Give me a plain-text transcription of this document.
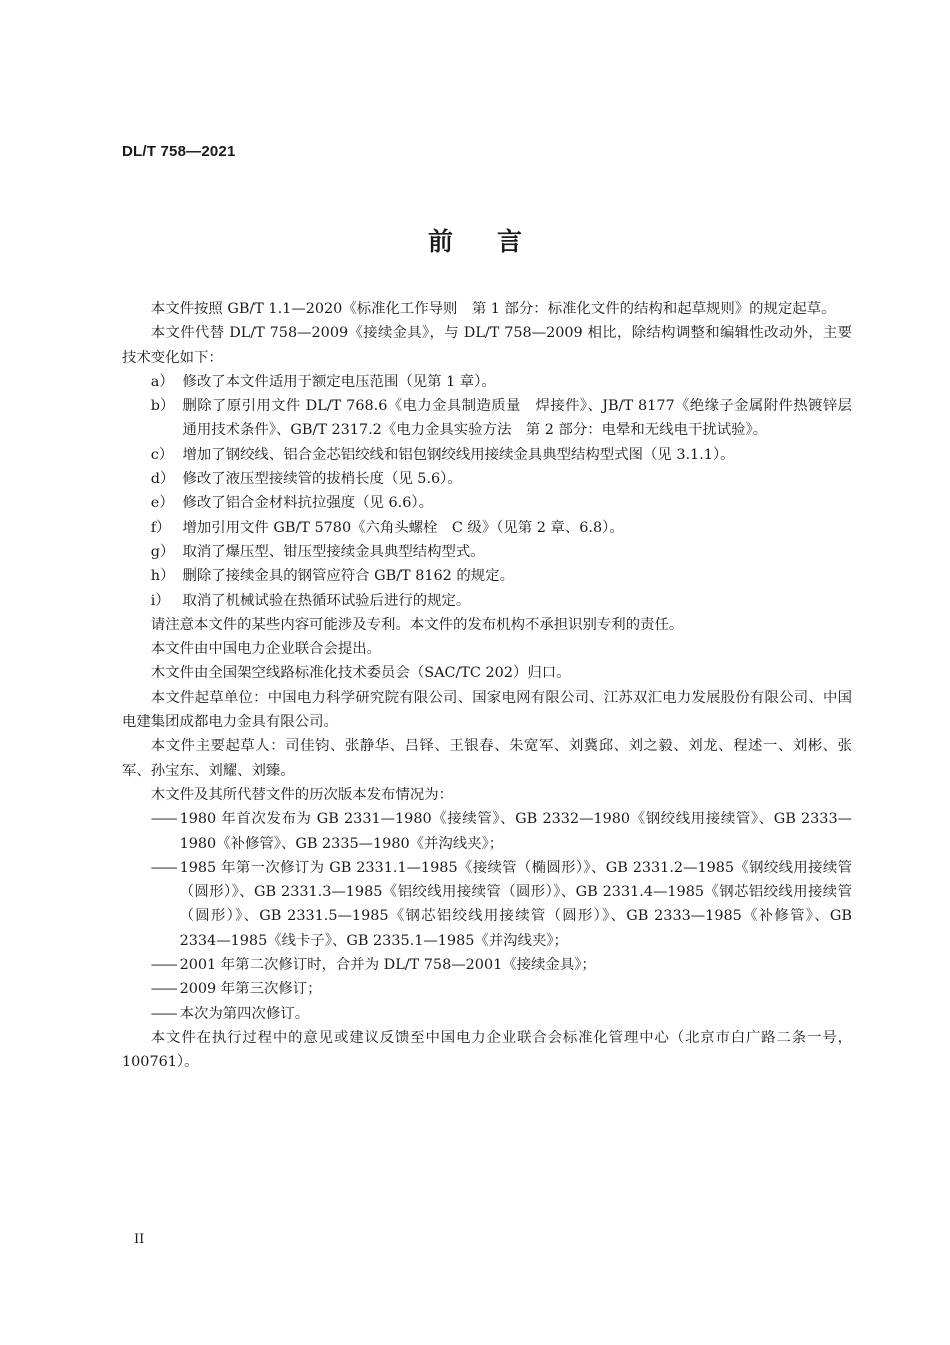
DL/T 758—2021
前言

本文件按照 GB/T 1.1—2020《标准化工作导则　第 1 部分：标准化文件的结构和起草规则》的规定起草。

本文件代替 DL/T 758—2009《接续金具》，与 DL/T 758—2009 相比，除结构调整和编辑性改动外，主要技术变化如下：

a） 修改了本文件适用于额定电压范围（见第 1 章）。
b） 删除了原引用文件 DL/T 768.6《电力金具制造质量　焊接件》、JB/T 8177《绝缘子金属附件热镀锌层　通用技术条件》、GB/T 2317.2《电力金具实验方法　第 2 部分：电晕和无线电干扰试验》。
c） 增加了钢绞线、铝合金芯铝绞线和铝包钢绞线用接续金具典型结构型式图（见 3.1.1）。
d） 修改了液压型接续管的拔梢长度（见 5.6）。
e） 修改了铝合金材料抗拉强度（见 6.6）。
f） 增加引用文件 GB/T 5780《六角头螺栓　C 级》（见第 2 章、6.8）。
g） 取消了爆压型、钳压型接续金具典型结构型式。
h） 删除了接续金具的钢管应符合 GB/T 8162 的规定。
i） 取消了机械试验在热循环试验后进行的规定。

请注意本文件的某些内容可能涉及专利。本文件的发布机构不承担识别专利的责任。

本文件由中国电力企业联合会提出。

木文件由全国架空线路标准化技术委员会（SAC/TC 202）归口。

本文件起草单位：中国电力科学研究院有限公司、国家电网有限公司、江苏双汇电力发展股份有限公司、中国电建集团成都电力金具有限公司。

本文件主要起草人：司佳钧、张静华、吕铎、王银春、朱宽军、刘冀邱、刘之毅、刘龙、程述一、刘彬、张军、孙宝东、刘耀、刘臻。

木文件及其所代替文件的历次版本发布情况为：

—— 1980 年首次发布为 GB 2331—1980《接续管》、GB 2332—1980《钢绞线用接续管》、GB 2333—1980《补修管》、GB 2335—1980《并沟线夹》；
—— 1985 年第一次修订为 GB 2331.1—1985《接续管（椭圆形）》、GB 2331.2—1985《钢绞线用接续管（圆形）》、GB 2331.3—1985《铝绞线用接续管（圆形）》、GB 2331.4—1985《钢芯铝绞线用接续管（圆形）》、GB 2331.5—1985《钢芯铝绞线用接续管（圆形）》、GB 2333—1985《补修管》、GB 2334—1985《线卡子》、GB 2335.1—1985《并沟线夹》；
—— 2001 年第二次修订时，合并为 DL/T 758—2001《接续金具》；
—— 2009 年第三次修订；
—— 本次为第四次修订。

本文件在执行过程中的意见或建议反馈至中国电力企业联合会标准化管理中心（北京市白广路二条一号，100761）。

II
